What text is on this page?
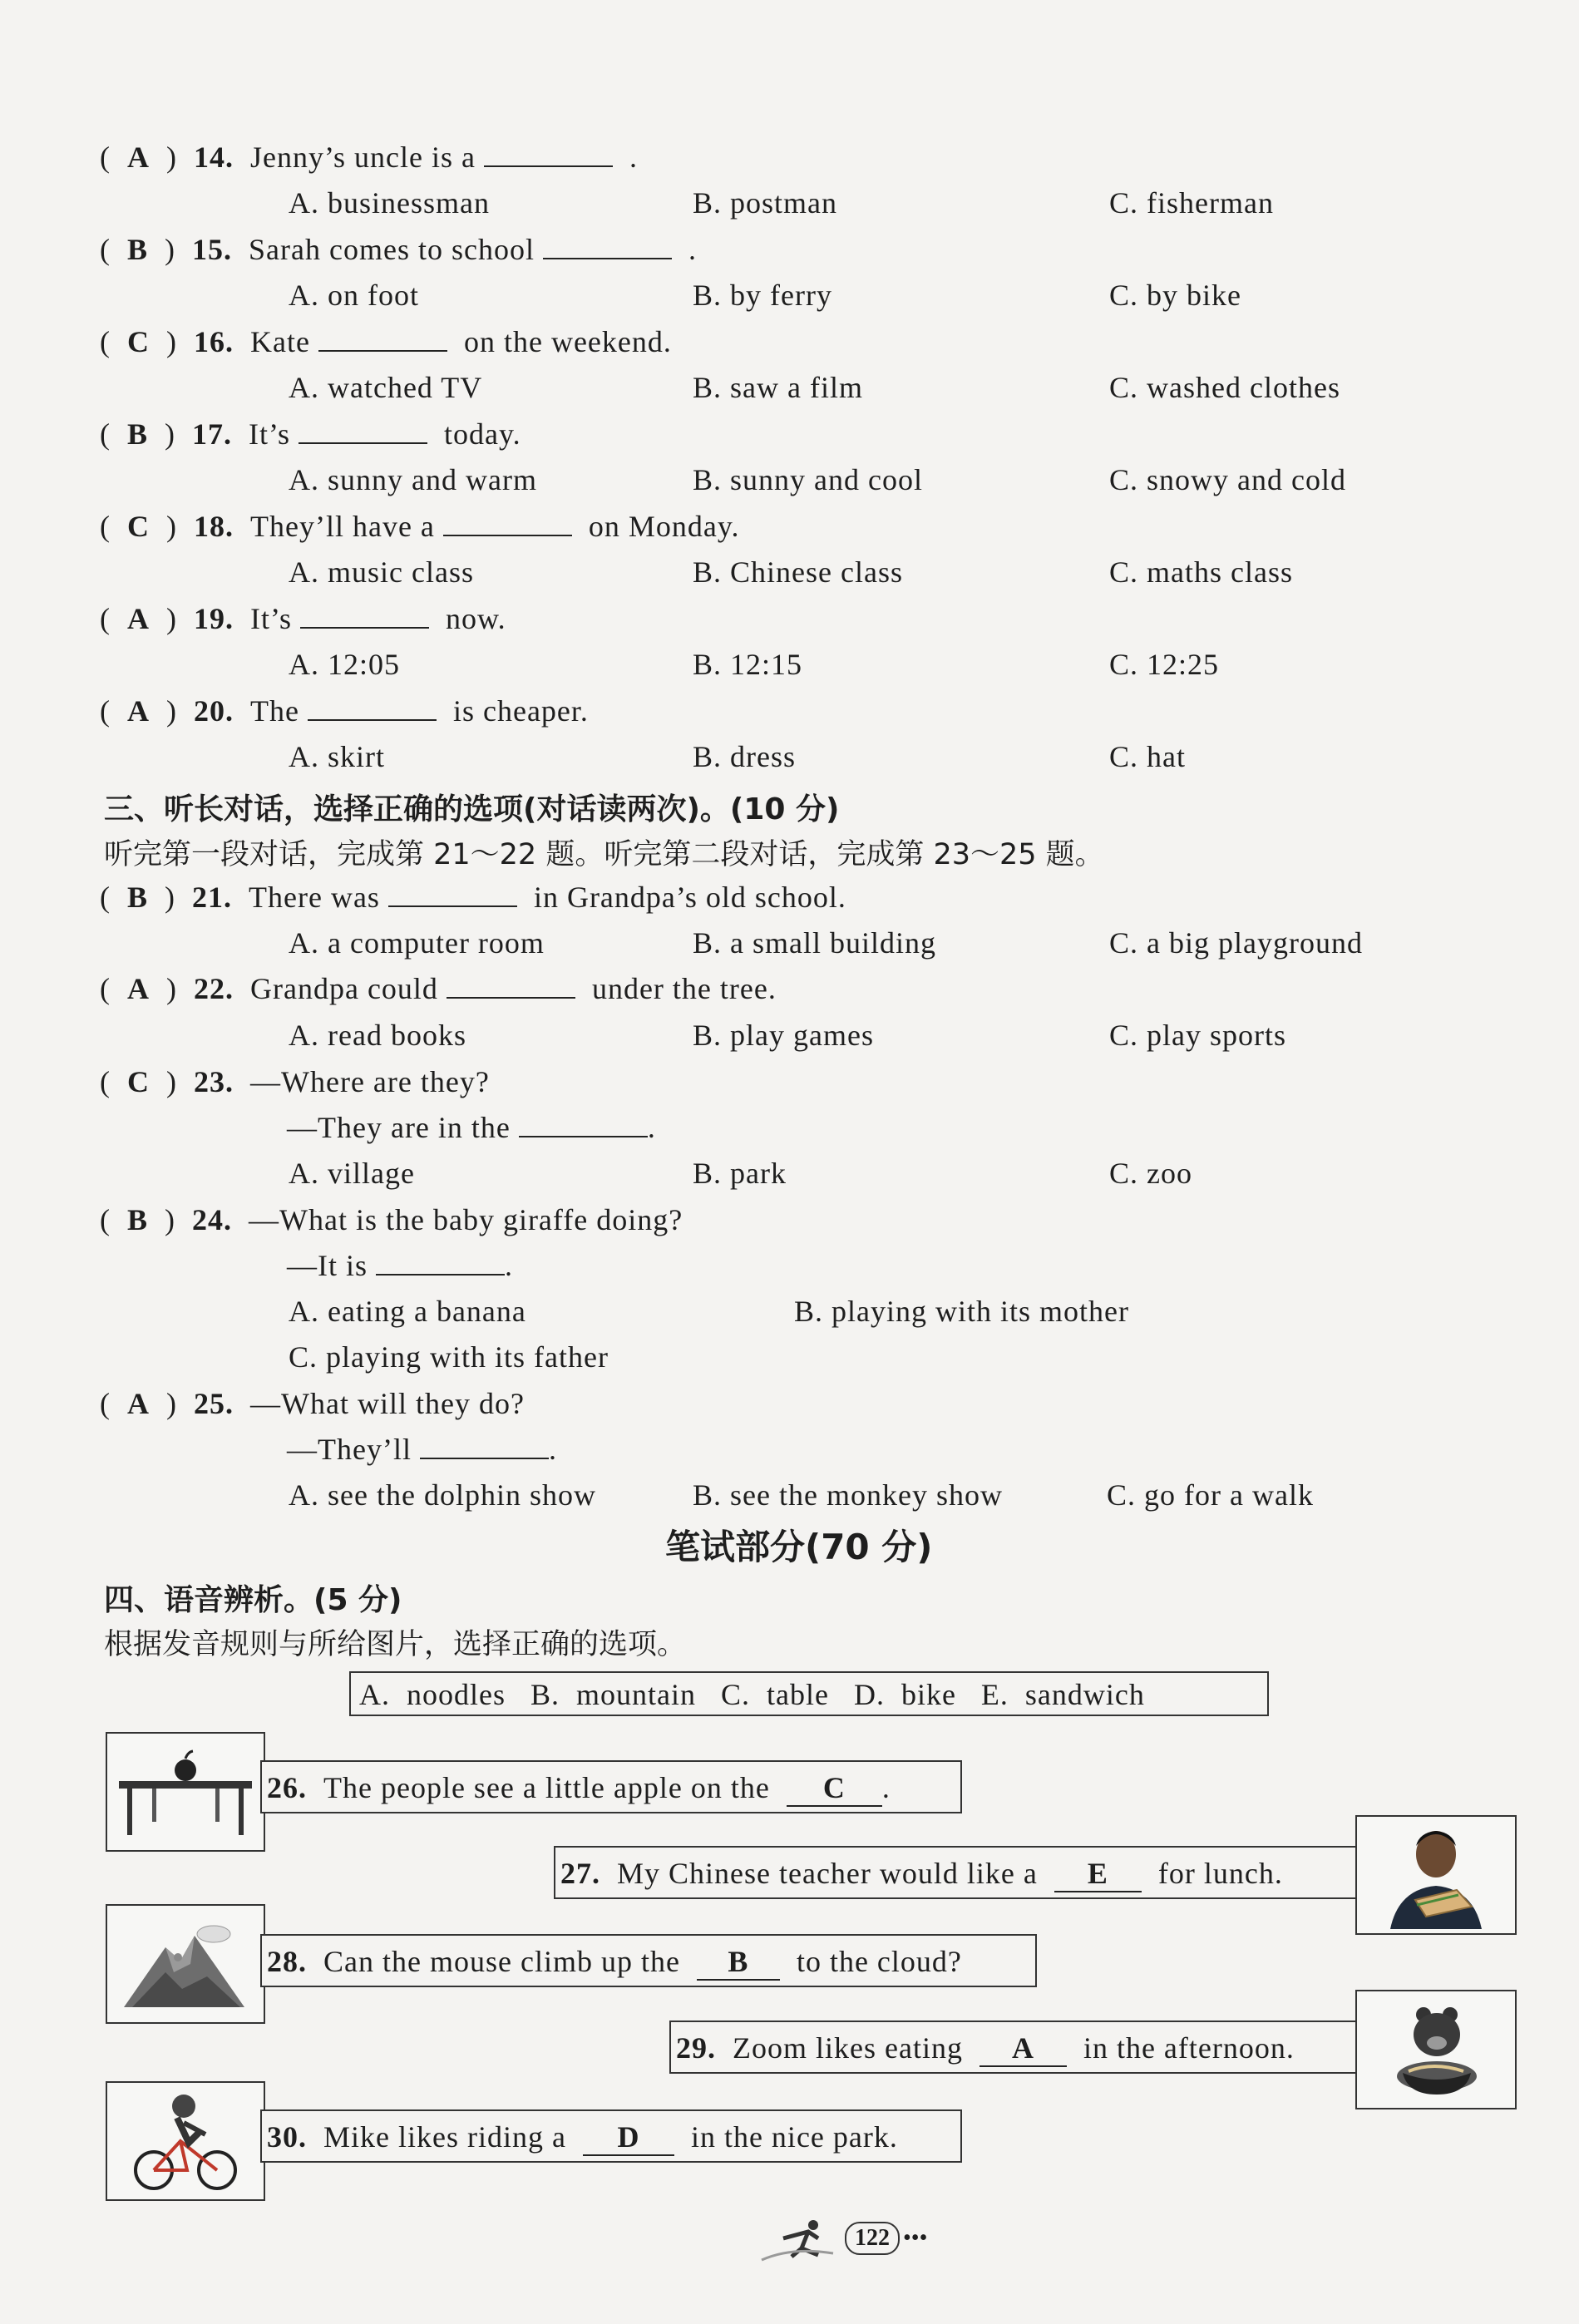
(  A  )  14. Jenny’s uncle is a	.
A. businessman	B. postman	C. fisherman
(  B  )  15. Sarah comes to school	.
A. on foot	B. by ferry	C. by bike
(  C  )  16. Kate	on the weekend.
A. watched TV	B. saw a film	C. washed clothes
(  B  )  17. It’s	today.
A. sunny and warm	B. sunny and cool	C. snowy and cold
(  C  )  18. They’ll have a	on Monday.
A. music class	B. Chinese class	C. maths class
(  A  )  19. It’s	now.
A. 12:05	B. 12:15	C. 12:25
(  A  )  20. The	is cheaper.
A. skirt	B. dress	C. hat
三、听长对话，选择正确的选项(对话读两次)。(10 分)
听完第一段对话，完成第 21～22 题。听完第二段对话，完成第 23～25 题。
(  B  )  21. There was	in Grandpa’s old school.
A. a computer room	B. a small building	C. a big playground
(  A  )  22. Grandpa could	under the tree.
A. read books	B. play games	C. play sports
(  C  )  23. —Where are they?
—They are in the	.
A. village	B. park	C. zoo
(  B  )  24. —What is the baby giraffe doing?
—It is	.
A. eating a banana	B. playing with its mother
C. playing with its father
(  A  )  25. —What will they do?
—They’ll	.
A. see the dolphin show	B. see the monkey show	C. go for a walk
笔试部分(70 分)
四、语音辨析。(5 分)
根据发音规则与所给图片，选择正确的选项。
A.  noodles   B.  mountain   C.  table   D.  bike   E.  sandwich
26. The people see a little apple on the C .
27. My Chinese teacher would like a E for lunch.
28. Can the mouse climb up the B to the cloud?
29. Zoom likes eating A in the afternoon.
30. Mike likes riding a D in the nice park.
122 •••
